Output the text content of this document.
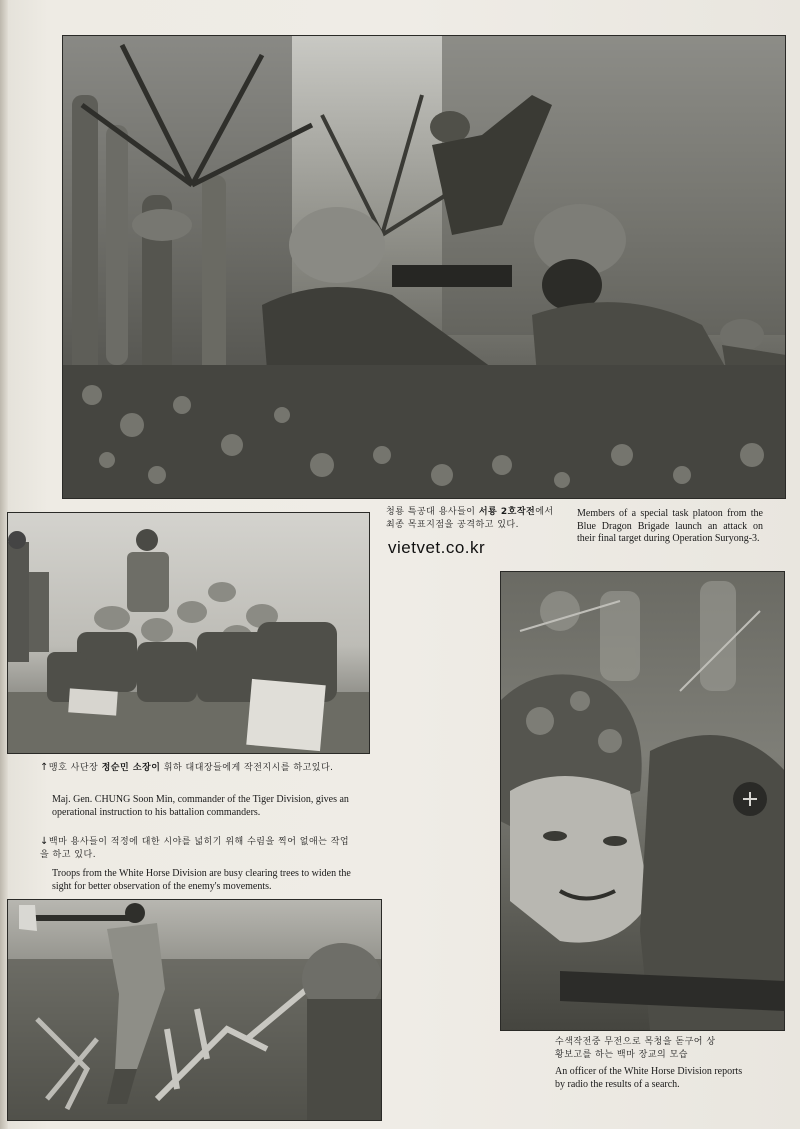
청룡 특공대 용사들이 서룡 2호작전에서
최종 목표지점을 공격하고 있다.
Members of a special task platoon from the Blue Dragon Brigade launch an attack on their final target during Operation Suryong-3.
vietvet.co.kr
↑맹호 사단장 정순민 소장이 휘하 대대장들에게 작전지시를 하고있다.
Maj. Gen. CHUNG Soon Min, commander of the Tiger Division, gives an operational instruction to his battalion commanders.
↓백마 용사들이 적정에 대한 시야를 넓히기 위해 수림을 찍어 없애는 작업을 하고 있다.
Troops from the White Horse Division are busy clearing trees to widen the sight for better observation of the enemy's movements.
수색작전중 무전으로 목청을 돋구어 상
황보고를 하는 백마 장교의 모습
An officer of the White Horse Division reports by radio the results of a search.
